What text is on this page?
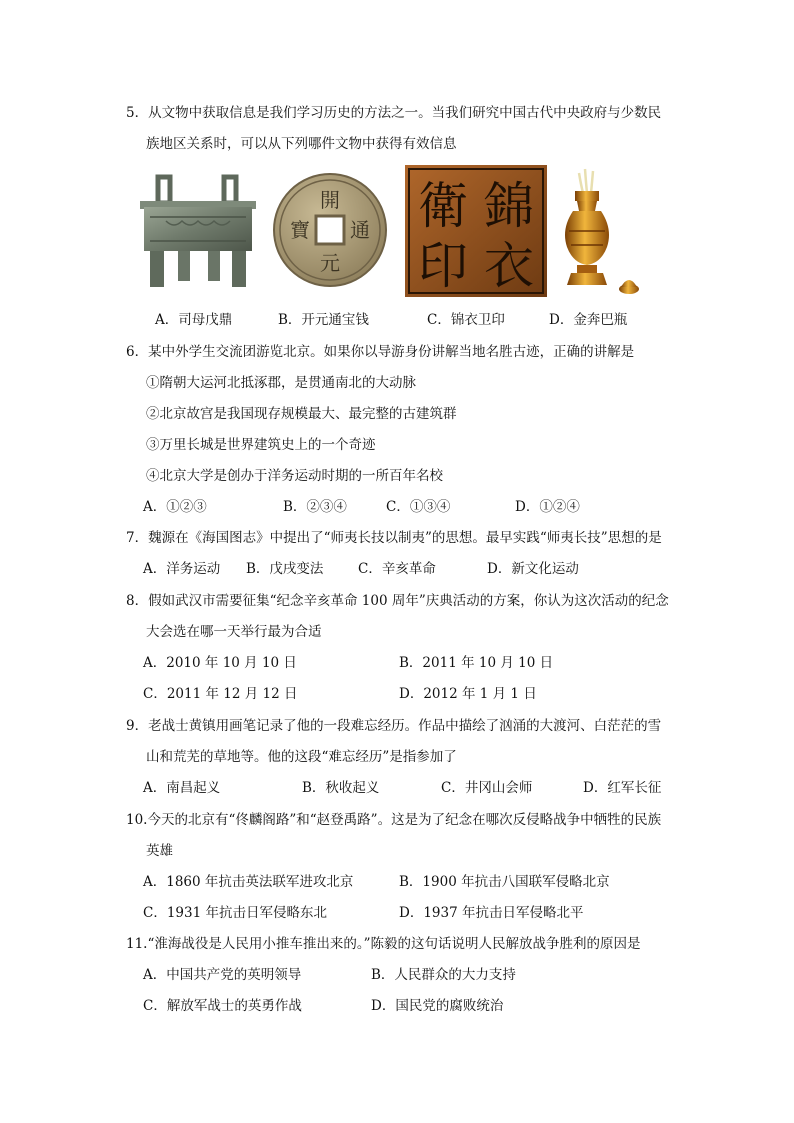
5．从文物中获取信息是我们学习历史的方法之一。当我们研究中国古代中央政府与少数民
族地区关系时，可以从下列哪件文物中获得有效信息
開
通
元
寶	錦
衣
衛
印
A．司母戊鼎	B．开元通宝钱	C．锦衣卫印	D．金奔巴瓶
6．某中外学生交流团游览北京。如果你以导游身份讲解当地名胜古迹，正确的讲解是
①隋朝大运河北抵涿郡，是贯通南北的大动脉
②北京故宫是我国现存规模最大、最完整的古建筑群
③万里长城是世界建筑史上的一个奇迹
④北京大学是创办于洋务运动时期的一所百年名校
A．①②③	B．②③④	C．①③④	D．①②④
7．魏源在《海国图志》中提出了“师夷长技以制夷”的思想。最早实践“师夷长技”思想的是
A．洋务运动 B．戊戌变法	C．辛亥革命	D．新文化运动
8．假如武汉市需要征集“纪念辛亥革命 100 周年”庆典活动的方案，你认为这次活动的纪念
大会选在哪一天举行最为合适
A．2010 年 10 月 10 日	B．2011 年 10 月 10 日
C．2011 年 12 月 12 日	D．2012 年 1 月 1 日
9．老战士黄镇用画笔记录了他的一段难忘经历。作品中描绘了汹涌的大渡河、白茫茫的雪
山和荒芜的草地等。他的这段“难忘经历”是指参加了
A．南昌起义	B．秋收起义	C．井冈山会师	D．红军长征
10.今天的北京有“佟麟阁路”和“赵登禹路”。这是为了纪念在哪次反侵略战争中牺牲的民族
英雄
A．1860 年抗击英法联军进攻北京	B．1900 年抗击八国联军侵略北京
C．1931 年抗击日军侵略东北	D．1937 年抗击日军侵略北平
11.“淮海战役是人民用小推车推出来的。”陈毅的这句话说明人民解放战争胜利的原因是
A．中国共产党的英明领导	B．人民群众的大力支持
C．解放军战士的英勇作战	D．国民党的腐败统治
